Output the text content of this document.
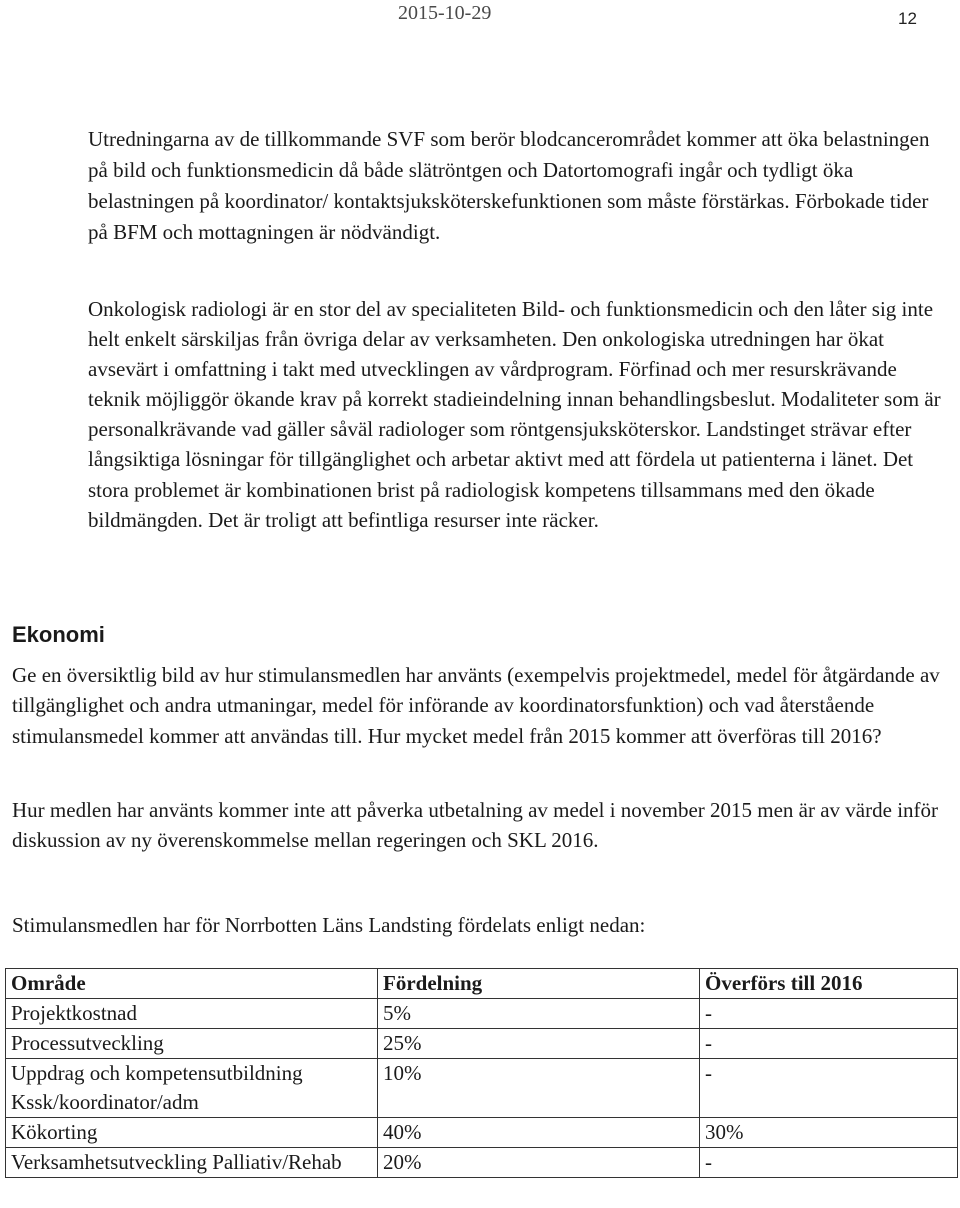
2015-10-29	12

Utredningarna av de tillkommande SVF som berör blodcancerområdet kommer att öka belastningen på bild och funktionsmedicin då både slätröntgen och Datortomografi ingår och tydligt öka belastningen på koordinator/ kontaktsjuksköterskefunktionen som måste förstärkas. Förbokade tider på BFM och mottagningen är nödvändigt.

Onkologisk radiologi är en stor del av specialiteten Bild- och funktionsmedicin och den låter sig inte helt enkelt särskiljas från övriga delar av verksamheten. Den onkologiska utredningen har ökat avsevärt i omfattning i takt med utvecklingen av vårdprogram. Förfinad och mer resurskrävande teknik möjliggör ökande krav på korrekt stadieindelning innan behandlingsbeslut. Modaliteter som är personalkrävande vad gäller såväl radiologer som röntgensjuksköterskor. Landstinget strävar efter långsiktiga lösningar för tillgänglighet och arbetar aktivt med att fördela ut patienterna i länet. Det stora problemet är kombinationen brist på radiologisk kompetens tillsammans med den ökade bildmängden. Det är troligt att befintliga resurser inte räcker.

Ekonomi

Ge en översiktlig bild av hur stimulansmedlen har använts (exempelvis projektmedel, medel för åtgärdande av tillgänglighet och andra utmaningar, medel för införande av koordinatorsfunktion) och vad återstående stimulansmedel kommer att användas till. Hur mycket medel från 2015 kommer att överföras till 2016?

Hur medlen har använts kommer inte att påverka utbetalning av medel i november 2015 men är av värde inför diskussion av ny överenskommelse mellan regeringen och SKL 2016.

Stimulansmedlen har för Norrbotten Läns Landsting fördelats enligt nedan:

Område	Fördelning	Överförs till 2016
Projektkostnad	5%	-
Processutveckling	25%	-
Uppdrag och kompetensutbildning Kssk/koordinator/adm	10%	-
Kökorting	40%	30%
Verksamhetsutveckling Palliativ/Rehab	20%	-
